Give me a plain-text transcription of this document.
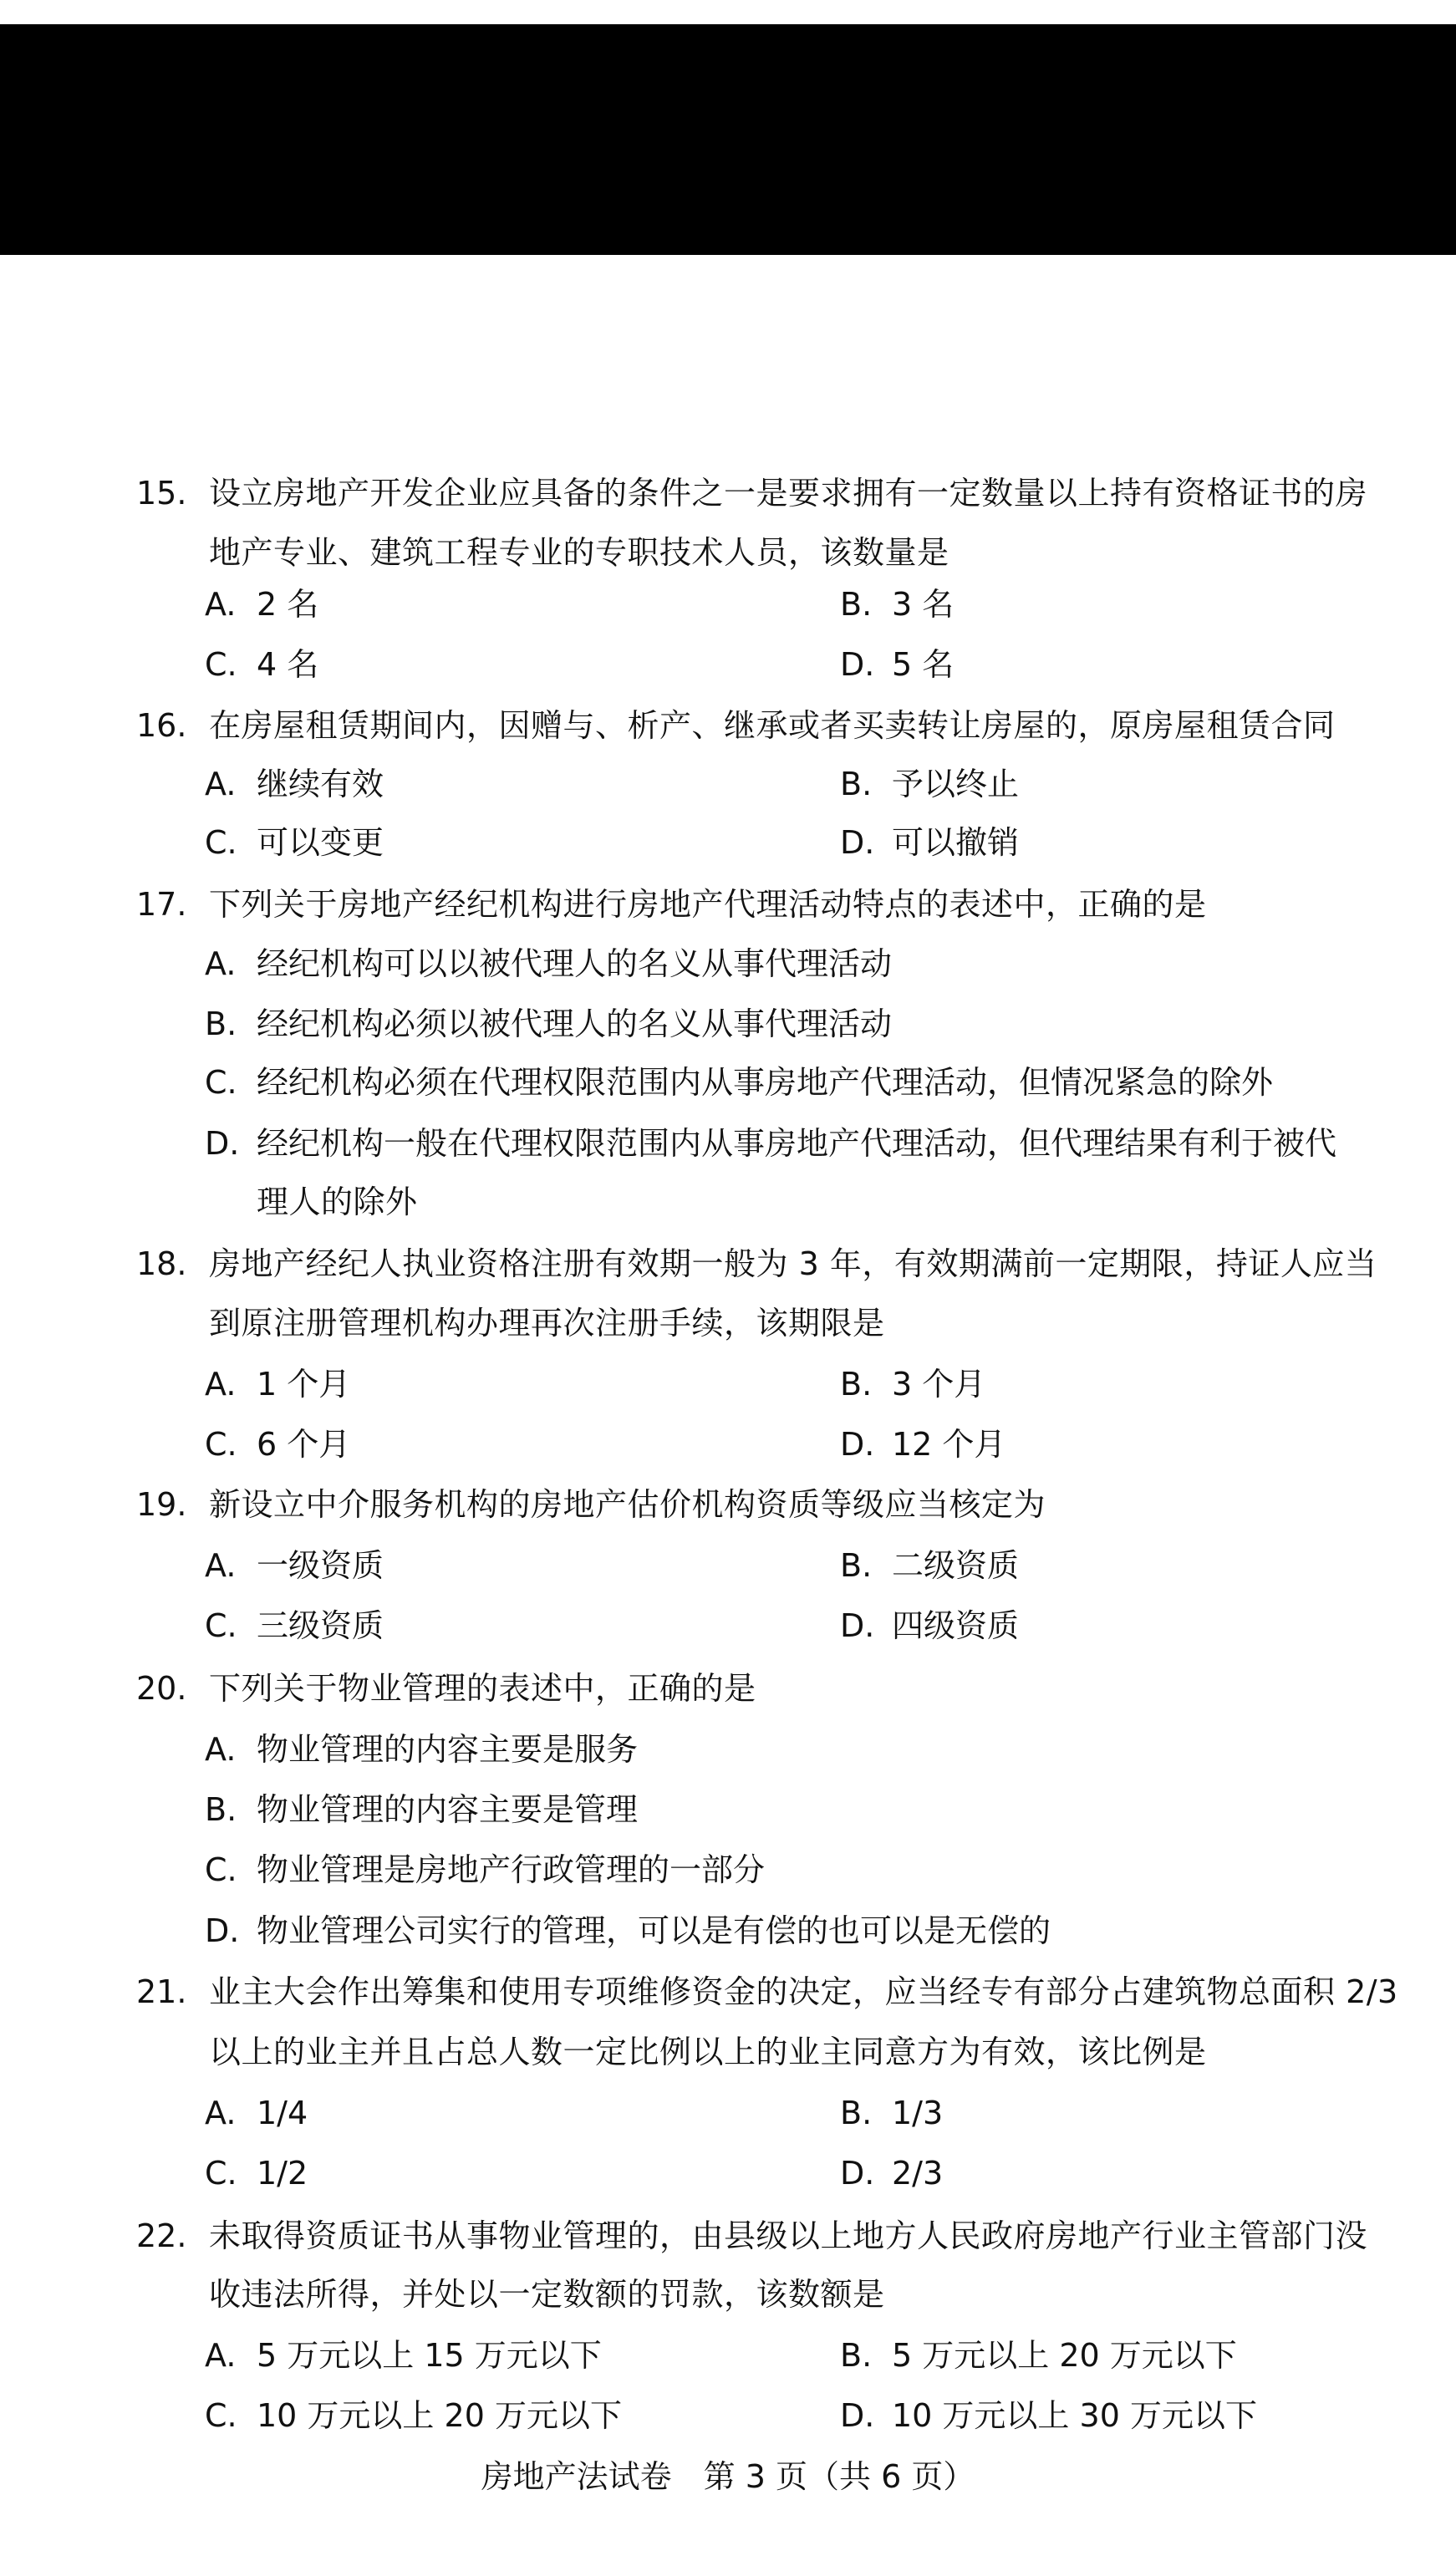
15. 设立房地产开发企业应具备的条件之一是要求拥有一定数量以上持有资格证书的房
地产专业、建筑工程专业的专职技术人员，该数量是
A. 2 名	B. 3 名
C. 4 名	D. 5 名
16. 在房屋租赁期间内，因赠与、析产、继承或者买卖转让房屋的，原房屋租赁合同
A. 继续有效	B. 予以终止
C. 可以变更	D. 可以撤销
17. 下列关于房地产经纪机构进行房地产代理活动特点的表述中，正确的是
A. 经纪机构可以以被代理人的名义从事代理活动
B. 经纪机构必须以被代理人的名义从事代理活动
C. 经纪机构必须在代理权限范围内从事房地产代理活动，但情况紧急的除外
D. 经纪机构一般在代理权限范围内从事房地产代理活动，但代理结果有利于被代
理人的除外
18. 房地产经纪人执业资格注册有效期一般为 3 年，有效期满前一定期限，持证人应当
到原注册管理机构办理再次注册手续，该期限是
A. 1 个月	B. 3 个月
C. 6 个月	D. 12 个月
19. 新设立中介服务机构的房地产估价机构资质等级应当核定为
A. 一级资质	B. 二级资质
C. 三级资质	D. 四级资质
20. 下列关于物业管理的表述中，正确的是
A. 物业管理的内容主要是服务
B. 物业管理的内容主要是管理
C. 物业管理是房地产行政管理的一部分
D. 物业管理公司实行的管理，可以是有偿的也可以是无偿的
21. 业主大会作出筹集和使用专项维修资金的决定，应当经专有部分占建筑物总面积 2/3
以上的业主并且占总人数一定比例以上的业主同意方为有效，该比例是
A. 1/4	B. 1/3
C. 1/2	D. 2/3
22. 未取得资质证书从事物业管理的，由县级以上地方人民政府房地产行业主管部门没
收违法所得，并处以一定数额的罚款，该数额是
A. 5 万元以上 15 万元以下	B. 5 万元以上 20 万元以下
C. 10 万元以上 20 万元以下	D. 10 万元以上 30 万元以下
房地产法试卷　第 3 页（共 6 页）
